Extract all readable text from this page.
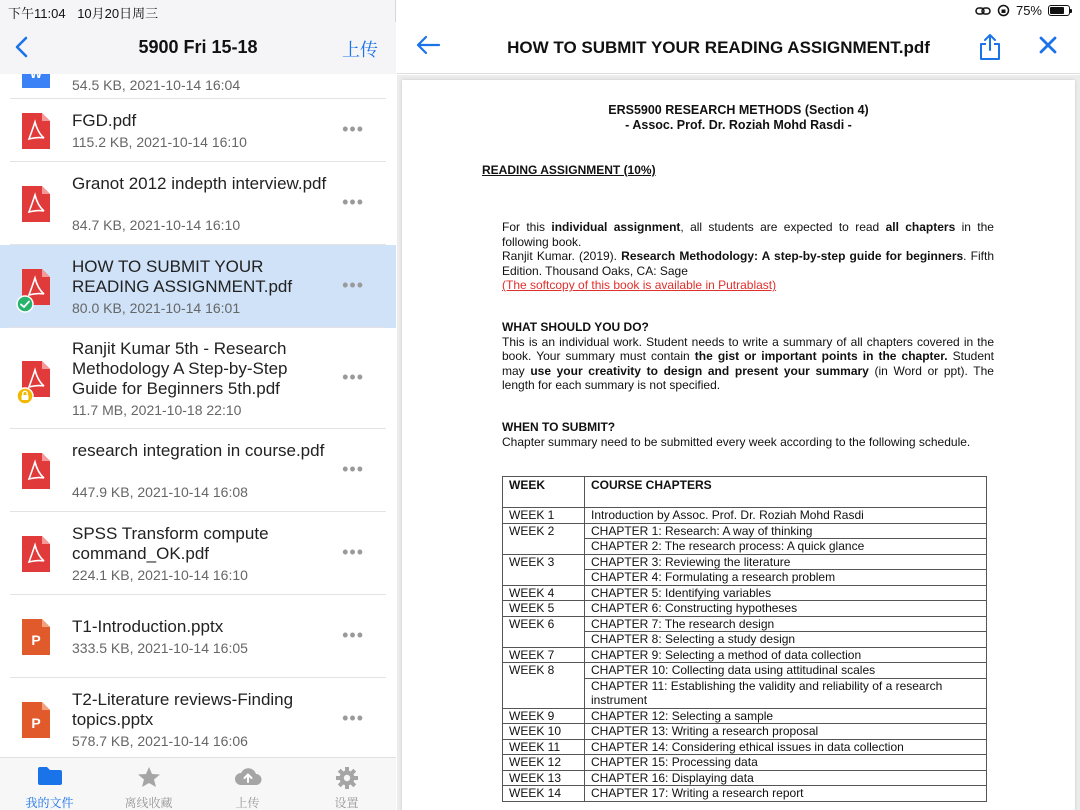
下午11:04 10月20日周三	75%
5900 Fri 15-18	上传
54.5 KB, 2021-10-14 16:04
FGD.pdf
115.2 KB, 2021-10-14 16:10
•••
Granot 2012 indepth interview.pdf
84.7 KB, 2021-10-14 16:10
•••
HOW TO SUBMIT YOUR READING ASSIGNMENT.pdf
80.0 KB, 2021-10-14 16:01
•••
Ranjit Kumar 5th - Research Methodology A Step-by-Step Guide for Beginners 5th.pdf
11.7 MB, 2021-10-18 22:10
•••
research integration in course.pdf
447.9 KB, 2021-10-14 16:08
•••
SPSS Transform compute command_OK.pdf
224.1 KB, 2021-10-14 16:10
•••
P
T1-Introduction.pptx
333.5 KB, 2021-10-14 16:05
•••
P
T2-Literature reviews-Finding topics.pptx
578.7 KB, 2021-10-14 16:06
•••
我的文件	离线收藏	上传	设置
HOW TO SUBMIT YOUR READING ASSIGNMENT.pdf
ERS5900 RESEARCH METHODS (Section 4)
- Assoc. Prof. Dr. Roziah Mohd Rasdi -
READING ASSIGNMENT (10%)
For this individual assignment, all students are expected to read all chapters in the following book.
Ranjit Kumar. (2019). Research Methodology: A step-by-step guide for beginners. Fifth Edition. Thousand Oaks, CA: Sage
(The softcopy of this book is available in Putrablast)
WHAT SHOULD YOU DO?
This is an individual work. Student needs to write a summary of all chapters covered in the book. Your summary must contain the gist or important points in the chapter. Student may use your creativity to design and present your summary (in Word or ppt). The length for each summary is not specified.
WHEN TO SUBMIT?
Chapter summary need to be submitted every week according to the following schedule.
WEEK	COURSE CHAPTERS
WEEK 1	Introduction by Assoc. Prof. Dr. Roziah Mohd Rasdi
WEEK 2	CHAPTER 1: Research: A way of thinking
	CHAPTER 2: The research process: A quick glance
WEEK 3	CHAPTER 3: Reviewing the literature
	CHAPTER 4: Formulating a research problem
WEEK 4	CHAPTER 5: Identifying variables
WEEK 5	CHAPTER 6: Constructing hypotheses
WEEK 6	CHAPTER 7: The research design
	CHAPTER 8: Selecting a study design
WEEK 7	CHAPTER 9: Selecting a method of data collection
WEEK 8	CHAPTER 10: Collecting data using attitudinal scales
	CHAPTER 11: Establishing the validity and reliability of a research instrument
WEEK 9	CHAPTER 12: Selecting a sample
WEEK 10	CHAPTER 13: Writing a research proposal
WEEK 11	CHAPTER 14: Considering ethical issues in data collection
WEEK 12	CHAPTER 15: Processing data
WEEK 13	CHAPTER 16: Displaying data
WEEK 14	CHAPTER 17: Writing a research report
